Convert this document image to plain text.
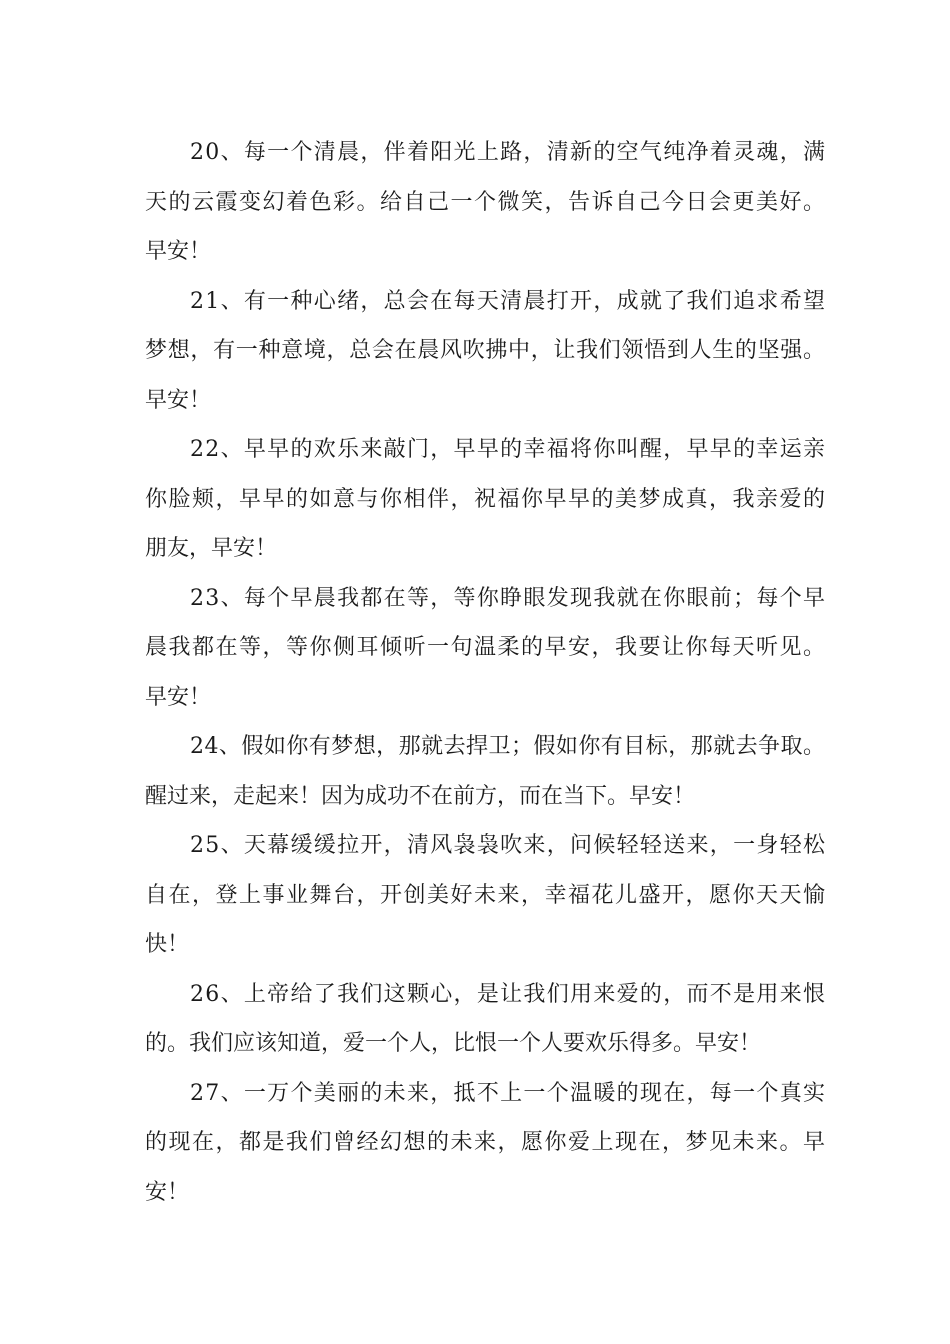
20、每一个清晨，伴着阳光上路，清新的空气纯净着灵魂，满
天的云霞变幻着色彩。给自己一个微笑，告诉自己今日会更美好。
早安！
21、有一种心绪，总会在每天清晨打开，成就了我们追求希望
梦想，有一种意境，总会在晨风吹拂中，让我们领悟到人生的坚强。
早安！
22、早早的欢乐来敲门，早早的幸福将你叫醒，早早的幸运亲
你脸颊，早早的如意与你相伴，祝福你早早的美梦成真，我亲爱的
朋友，早安！
23、每个早晨我都在等，等你睁眼发现我就在你眼前；每个早
晨我都在等，等你侧耳倾听一句温柔的早安，我要让你每天听见。
早安！
24、假如你有梦想，那就去捍卫；假如你有目标，那就去争取。
醒过来，走起来！因为成功不在前方，而在当下。早安！
25、天幕缓缓拉开，清风袅袅吹来，问候轻轻送来，一身轻松
自在，登上事业舞台，开创美好未来，幸福花儿盛开，愿你天天愉
快！
26、上帝给了我们这颗心，是让我们用来爱的，而不是用来恨
的。我们应该知道，爱一个人，比恨一个人要欢乐得多。早安！
27、一万个美丽的未来，抵不上一个温暖的现在，每一个真实
的现在，都是我们曾经幻想的未来，愿你爱上现在，梦见未来。早
安！
